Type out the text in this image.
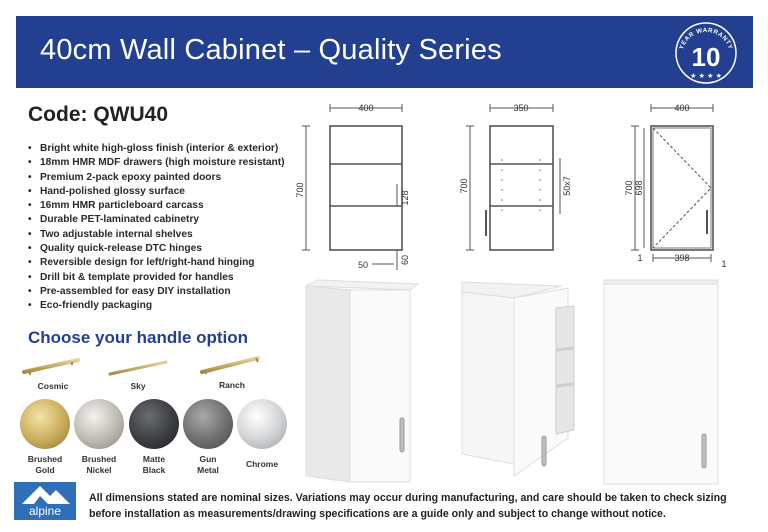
40cm Wall Cabinet – Quality Series	YEAR WARRANTY
10
★ ★ ★ ★
Code: QWU40
• Bright white high-gloss finish (interior & exterior)
• 18mm HMR MDF drawers (high moisture resistant)
• Premium 2-pack epoxy painted doors
• Hand-polished glossy surface
• 16mm HMR particleboard carcass
• Durable PET-laminated cabinetry
• Two adjustable internal shelves
• Quality quick-release DTC hinges
• Reversible design for left/right-hand hinging
• Drill bit & template provided for handles
• Pre-assembled for easy DIY installation
• Eco-friendly packaging
Choose your handle option
Cosmic	Sky	Ranch
Brushed
Gold
Brushed
Nickel
Matte
Black
Gun
Metal
Chrome
400
700
128
50	60
350
700	50x7
400
700 698
398
1
1
alpine
All dimensions stated are nominal sizes. Variations may occur during manufacturing, and care should be taken to check sizing before installation as measurements/drawing specifications are a guide only and subject to change without notice.
